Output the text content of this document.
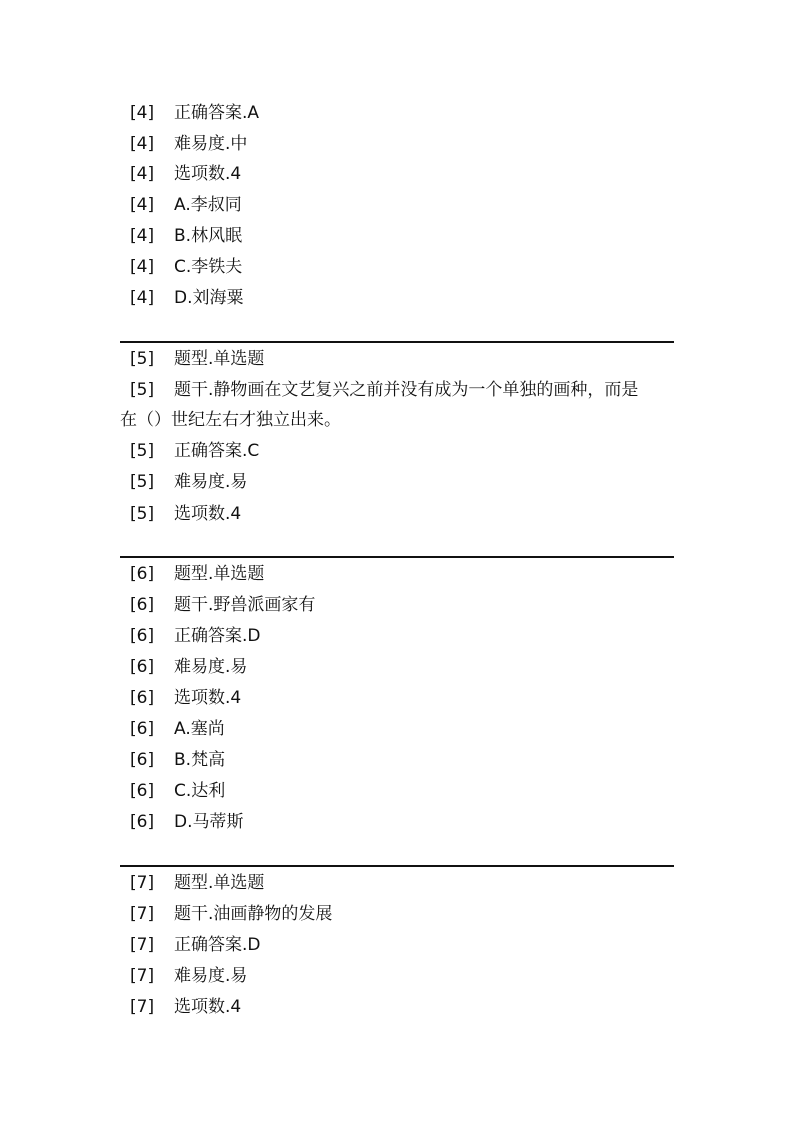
[4] 正确答案.A
[4] 难易度.中
[4] 选项数.4
[4] A.李叔同
[4] B.林风眠
[4] C.李铁夫
[4] D.刘海粟
[5] 题型.单选题
[5] 题干.静物画在文艺复兴之前并没有成为一个单独的画种，而是
在（）世纪左右才独立出来。
[5] 正确答案.C
[5] 难易度.易
[5] 选项数.4
[6] 题型.单选题
[6] 题干.野兽派画家有
[6] 正确答案.D
[6] 难易度.易
[6] 选项数.4
[6] A.塞尚
[6] B.梵高
[6] C.达利
[6] D.马蒂斯
[7] 题型.单选题
[7] 题干.油画静物的发展
[7] 正确答案.D
[7] 难易度.易
[7] 选项数.4
